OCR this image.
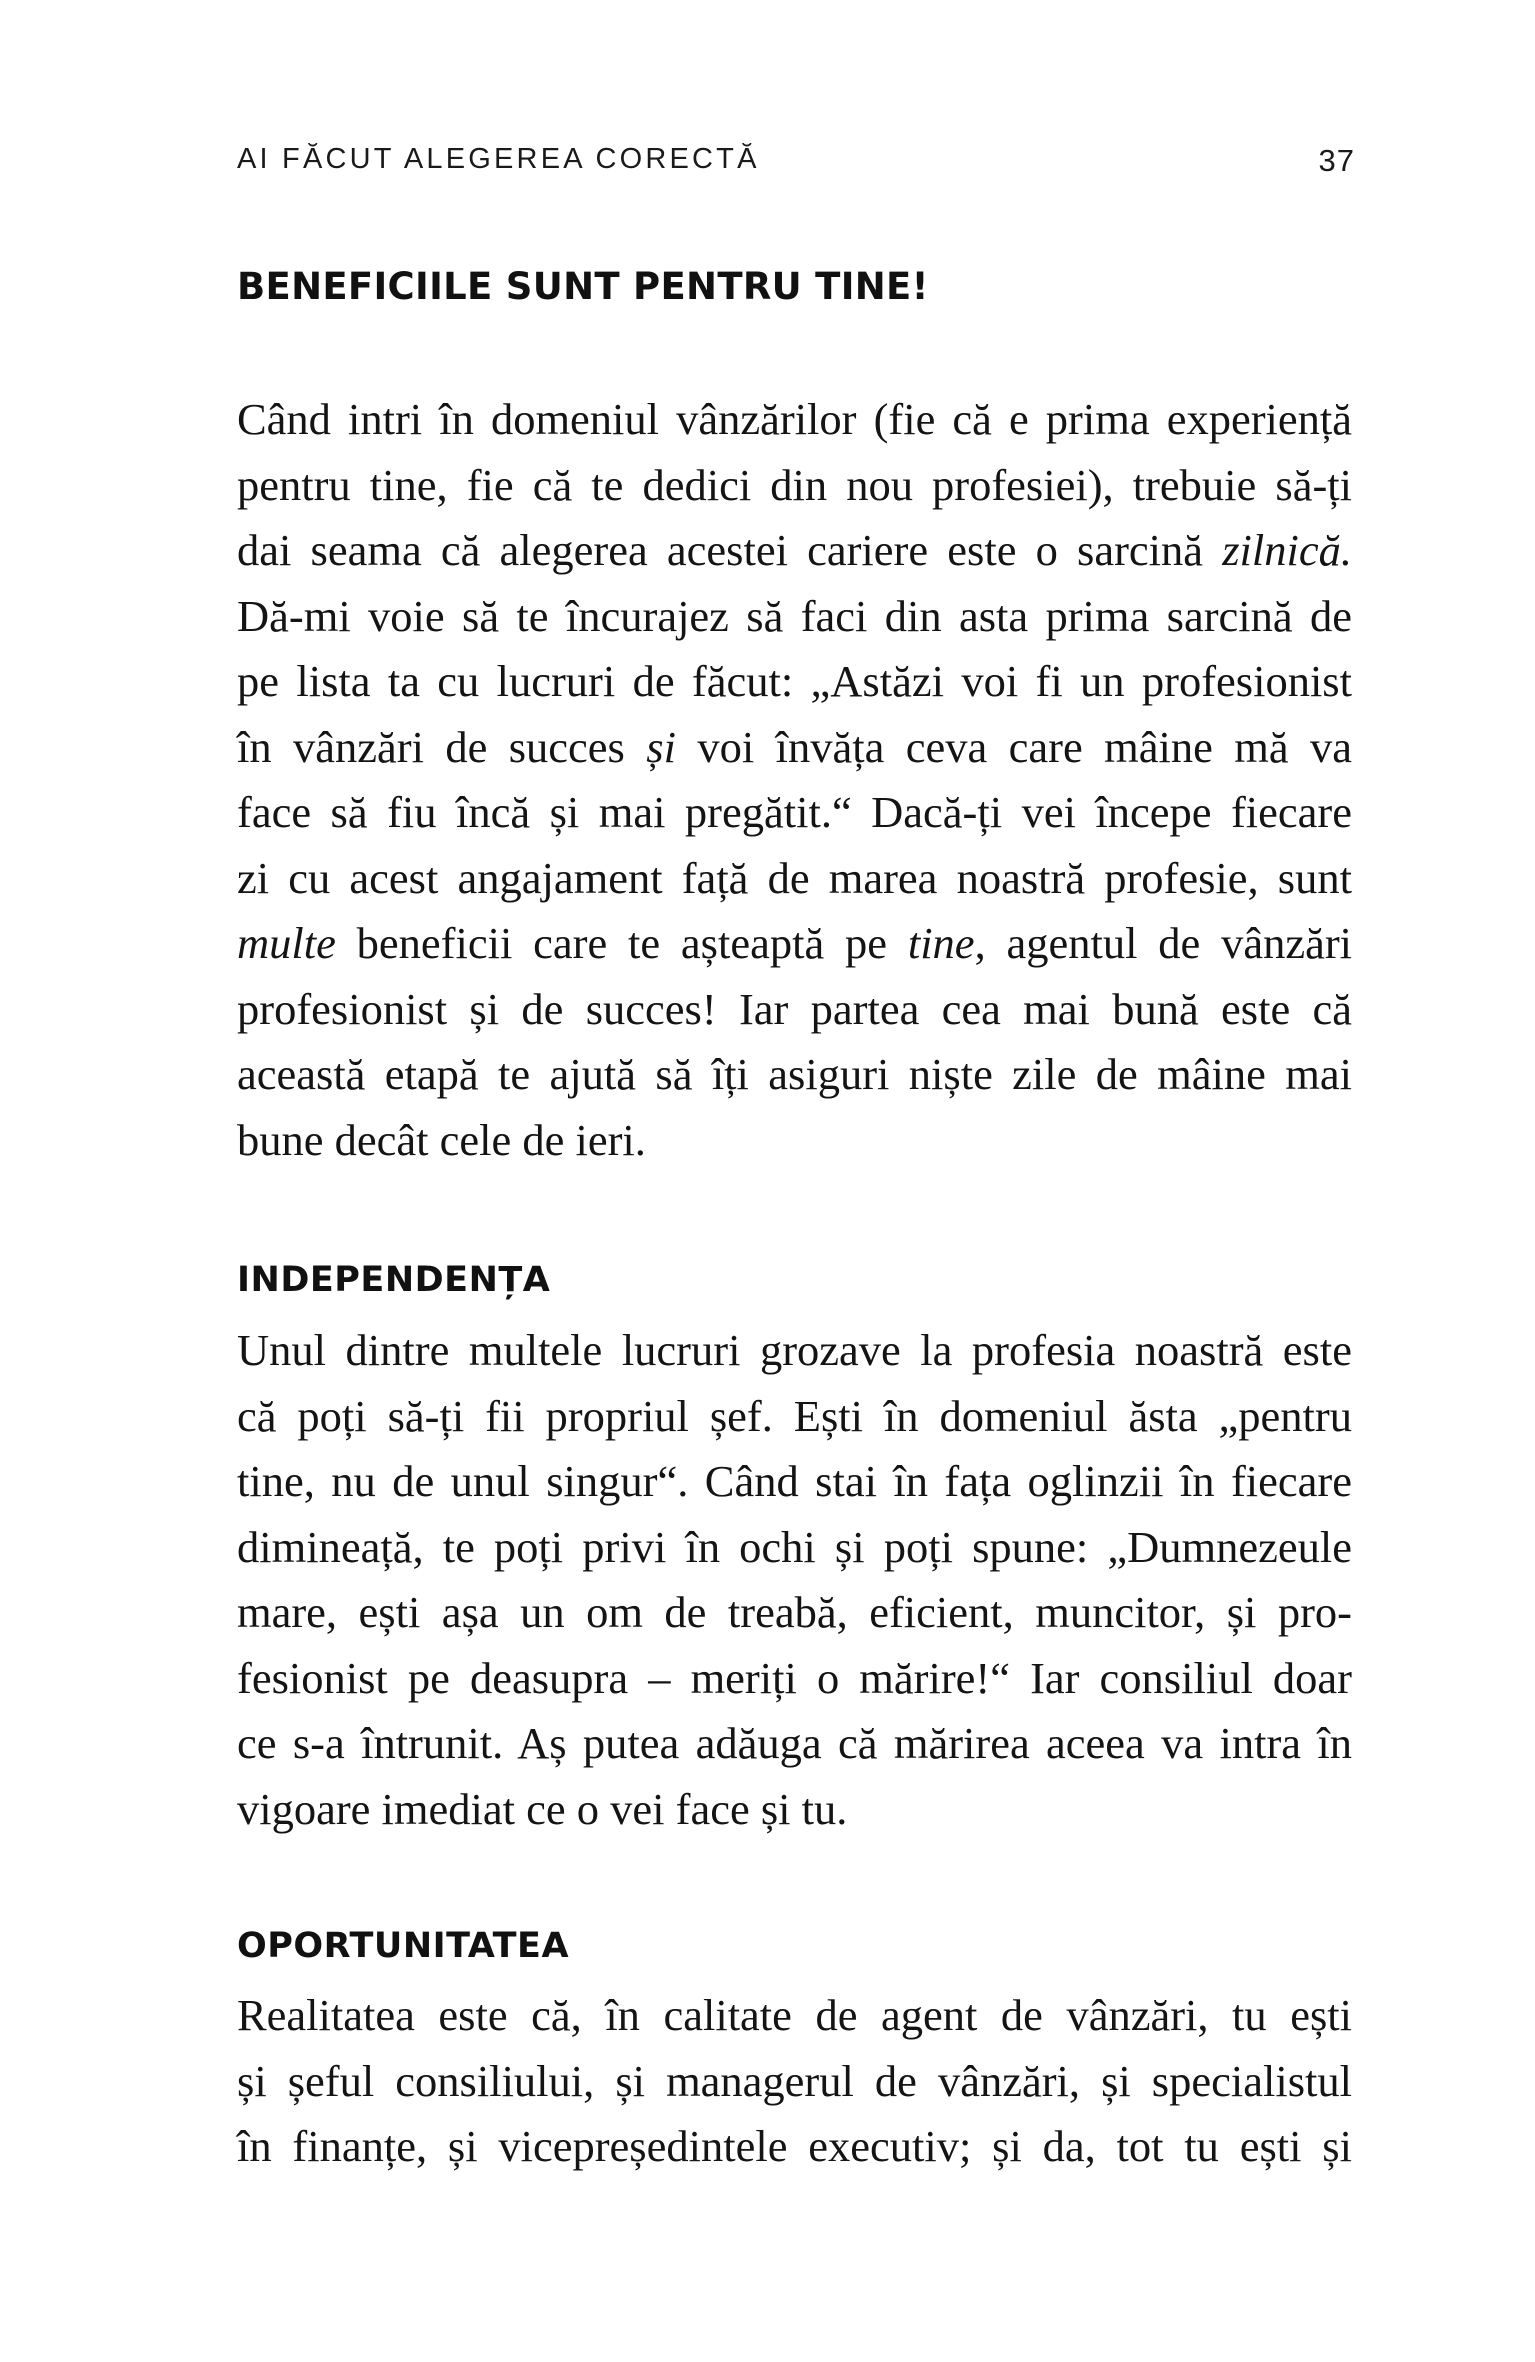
AI FĂCUT ALEGEREA CORECTĂ	37
BENEFICIILE SUNT PENTRU TINE!
Când intri în domeniul vânzărilor (fie că e prima experiență
pentru tine, fie că te dedici din nou profesiei), trebuie să-ți
dai seama că alegerea acestei cariere este o sarcină zilnică.
Dă-mi voie să te încurajez să faci din asta prima sarcină de
pe lista ta cu lucruri de făcut: „Astăzi voi fi un profesionist
în vânzări de succes și voi învăța ceva care mâine mă va
face să fiu încă și mai pregătit.“ Dacă-ți vei începe fiecare
zi cu acest angajament față de marea noastră profesie, sunt
multe beneficii care te așteaptă pe tine, agentul de vânzări
profesionist și de succes! Iar partea cea mai bună este că
această etapă te ajută să îți asiguri niște zile de mâine mai
bune decât cele de ieri.
INDEPENDENȚA
Unul dintre multele lucruri grozave la profesia noastră este
că poți să-ți fii propriul șef. Ești în domeniul ăsta „pentru
tine, nu de unul singur“. Când stai în fața oglinzii în fiecare
dimineață, te poți privi în ochi și poți spune: „Dumnezeule
mare, ești așa un om de treabă, eficient, muncitor, și pro-
fesionist pe deasupra – meriți o mărire!“ Iar consiliul doar
ce s-a întrunit. Aș putea adăuga că mărirea aceea va intra în
vigoare imediat ce o vei face și tu.
OPORTUNITATEA
Realitatea este că, în calitate de agent de vânzări, tu ești
și șeful consiliului, și managerul de vânzări, și specialistul
în finanțe, și vicepreședintele executiv; și da, tot tu ești și
